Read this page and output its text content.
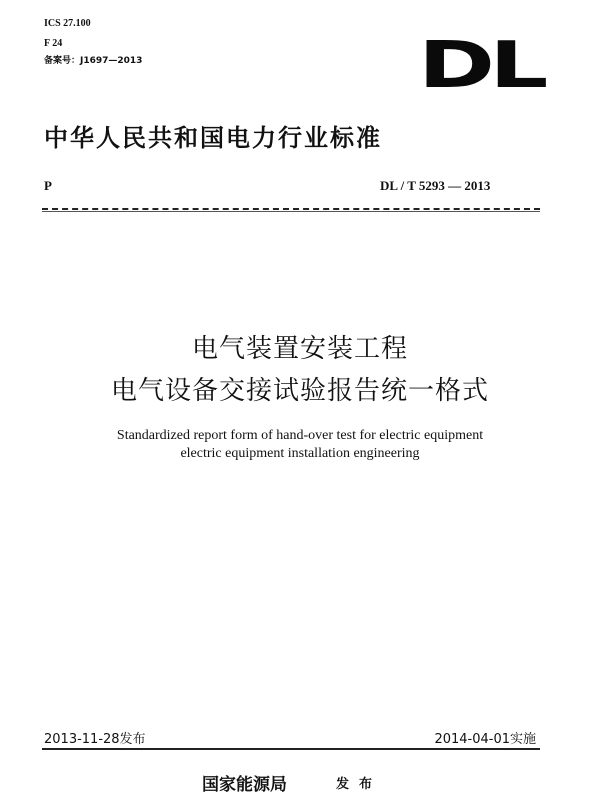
ICS 27.100
F 24
备案号：J1697—2013	DL
中华人民共和国电力行业标准
P	DL / T 5293 — 2013
电气装置安装工程
电气设备交接试验报告统一格式
Standardized report form of hand-over test for electric equipment
electric equipment installation engineering
2013-11-28发布	2014-04-01实施
国家能源局	发 布
